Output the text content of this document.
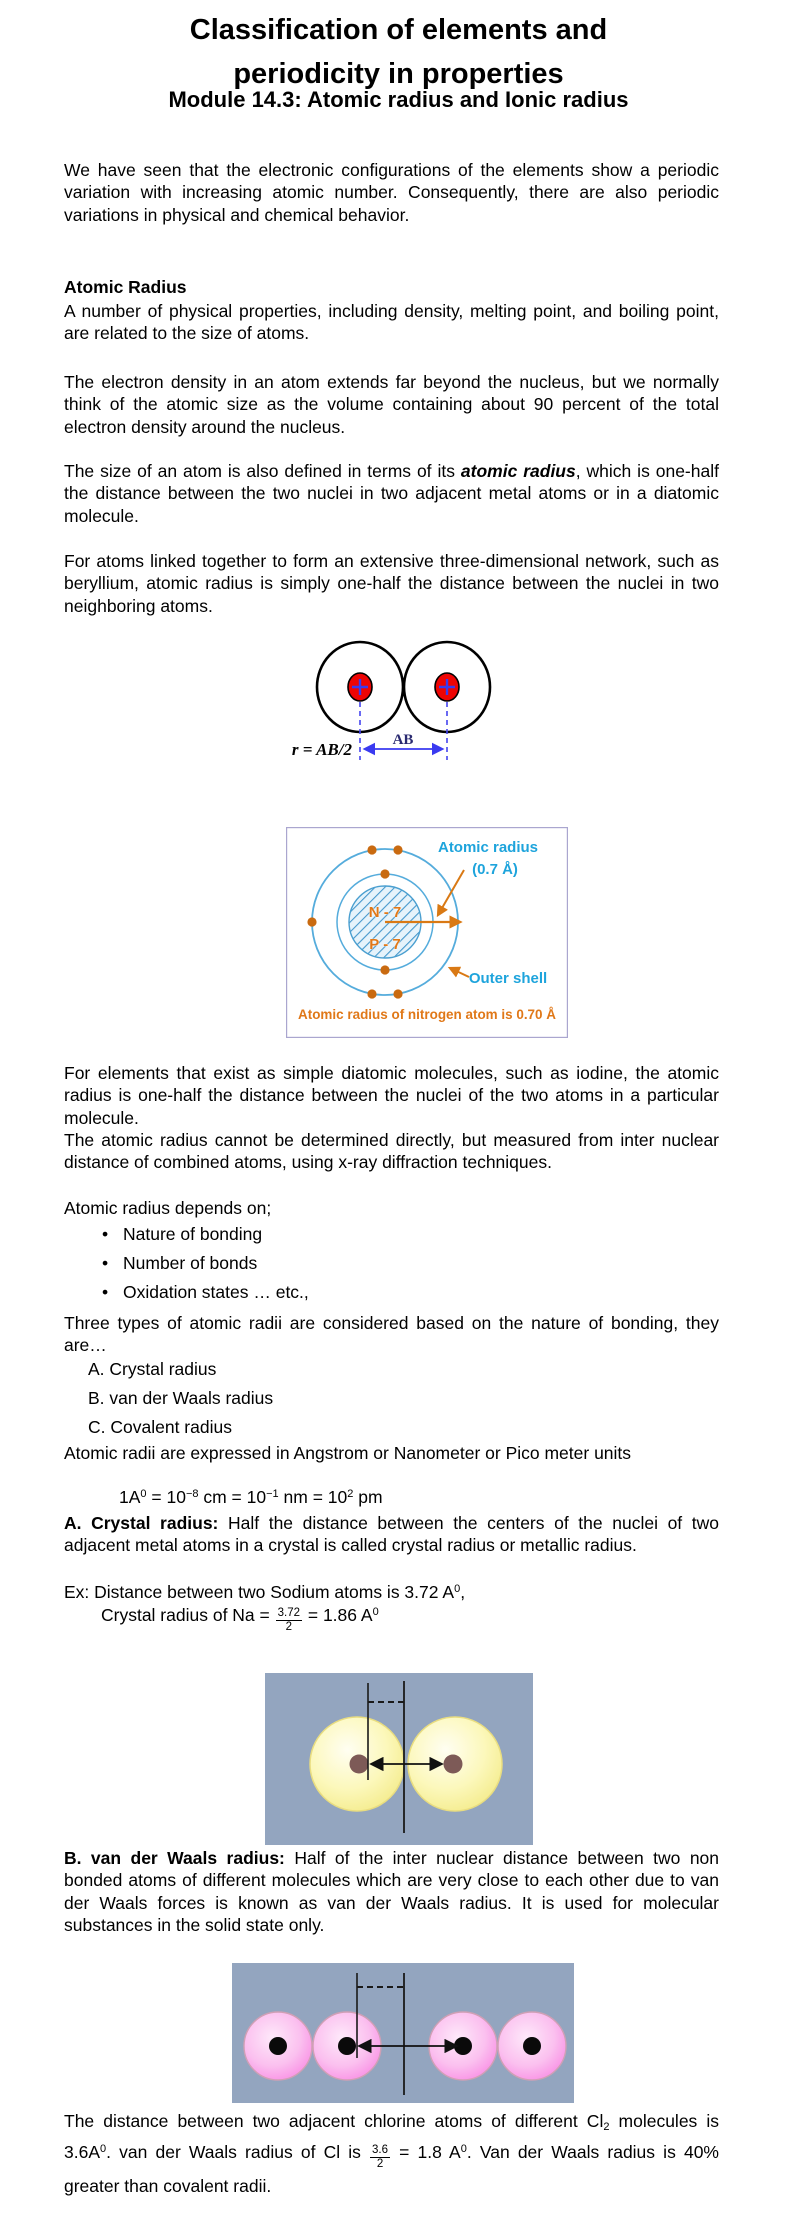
Classification of elements and
periodicity in properties
Module 14.3: Atomic radius and Ionic radius
We have seen that the electronic configurations of the elements show a periodic variation with increasing atomic number. Consequently, there are also periodic variations in physical and chemical behavior.
Atomic Radius
A number of physical properties, including density, melting point, and boiling point, are related to the size of atoms.
The electron density in an atom extends far beyond the nucleus, but we normally think of the atomic size as the volume containing about 90 percent of the total electron density around the nucleus.
The size of an atom is also defined in terms of its atomic radius, which is one-half the distance between the two nuclei in two adjacent metal atoms or in a diatomic molecule.
For atoms linked together to form an extensive three-dimensional network, such as beryllium, atomic radius is simply one-half the distance between the nuclei in two neighboring atoms.
AB
r = AB/2
N - 7
P - 7
Atomic radius
(0.7 Å)
Outer shell
Atomic radius of nitrogen atom is 0.70 Å
For elements that exist as simple diatomic molecules, such as iodine, the atomic radius is one-half the distance between the nuclei of the two atoms in a particular molecule.
The atomic radius cannot be determined directly, but measured from inter nuclear distance of combined atoms, using x-ray diffraction techniques.
Atomic radius depends on;
• Nature of bonding
• Number of bonds
• Oxidation states … etc.,
Three types of atomic radii are considered based on the nature of bonding, they are…
A. Crystal radius
B. van der Waals radius
C. Covalent radius
Atomic radii are expressed in Angstrom or Nanometer or Pico meter units
$1A^0 = 10^{-8}$ cm = $10^{-1}$ nm = $10^2$ pm
A. Crystal radius: Half the distance between the centers of the nuclei of two adjacent metal atoms in a crystal is called crystal radius or metallic radius.
Ex: Distance between two Sodium atoms is 3.72 $A^0$,
Crystal radius of $Na = \frac{3.72}{2} = 1.86$ $A^0$
B. van der Waals radius: Half of the inter nuclear distance between two non bonded atoms of different molecules which are very close to each other due to van der Waals forces is known as van der Waals radius. It is used for molecular substances in the solid state only.
The distance between two adjacent chlorine atoms of different $Cl_2$ molecules is $3.6A^0$. van der Waals radius of Cl is $\frac{3.6}{2} = 1.8$ $A^0$. Van der Waals radius is 40% greater than covalent radii.
